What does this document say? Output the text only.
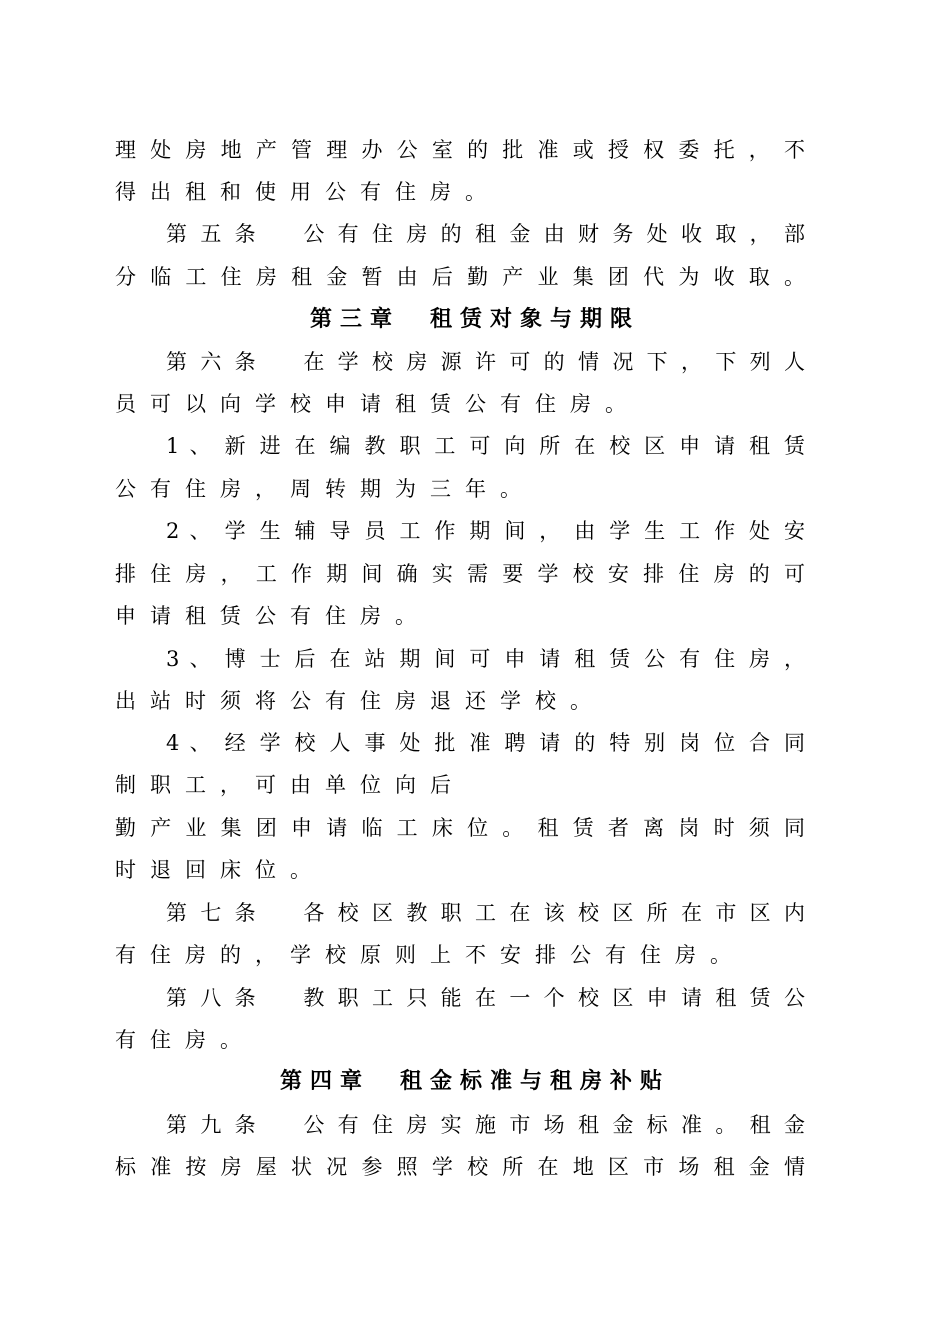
理 处 房 地 产 管 理 办 公 室 的 批 准 或 授 权 委 托 ， 不
得出租和使用公有住房。
第 五 条 　 公 有 住 房 的 租 金 由 财 务 处 收 取 ， 部
分 临 工 住 房 租 金 暂 由 后 勤 产 业 集 团 代 为 收 取 。
第三章　租赁对象与期限
第 六 条 　 在 学 校 房 源 许 可 的 情 况 下 ， 下 列 人
员可以向学校申请租赁公有住房。
1 、 新 进 在 编 教 职 工 可 向 所 在 校 区 申 请 租 赁
公有住房，周转期为三年。
2 、 学 生 辅 导 员 工 作 期 间 ， 由 学 生 工 作 处 安
排 住 房 ， 工 作 期 间 确 实 需 要 学 校 安 排 住 房 的 可
申请租赁公有住房。
3 、 博 士 后 在 站 期 间 可 申 请 租 赁 公 有 住 房 ，
出站时须将公有住房退还学校。
4 、 经 学 校 人 事 处 批 准 聘 请 的 特 别 岗 位 合 同
制职工，可由单位向后
勤 产 业 集 团 申 请 临 工 床 位 。 租 赁 者 离 岗 时 须 同
时退回床位。
第 七 条 　 各 校 区 教 职 工 在 该 校 区 所 在 市 区 内
有住房的，学校原则上不安排公有住房。
第 八 条 　 教 职 工 只 能 在 一 个 校 区 申 请 租 赁 公
有住房。
第四章　租金标准与租房补贴
第 九 条 　 公 有 住 房 实 施 市 场 租 金 标 准 。 租 金
标 准 按 房 屋 状 况 参 照 学 校 所 在 地 区 市 场 租 金 情
